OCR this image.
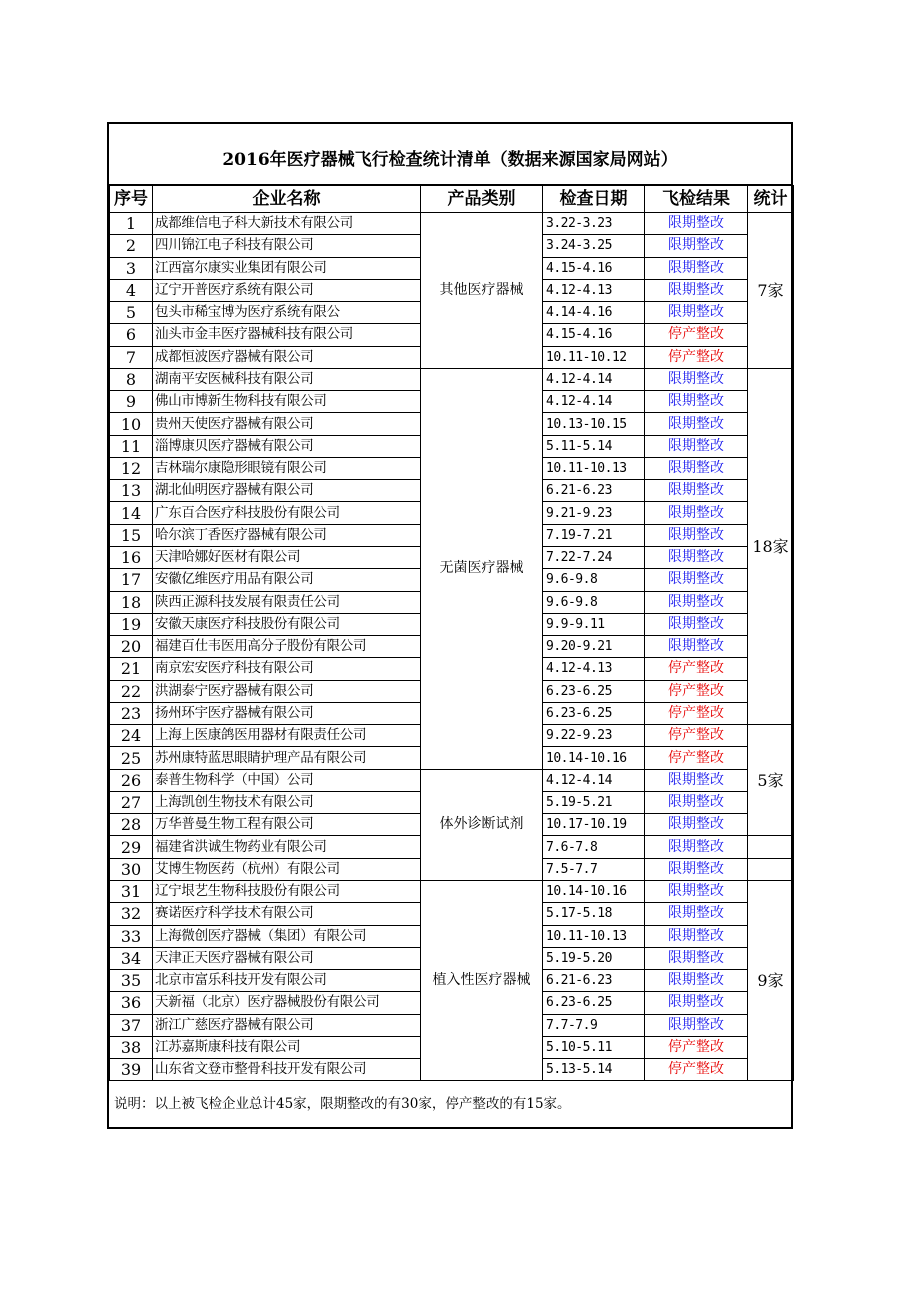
2016年医疗器械飞行检查统计清单（数据来源国家局网站）
序号	企业名称	产品类别	检查日期	飞检结果	统计
1	成都维信电子科大新技术有限公司	其他医疗器械	3.22-3.23	限期整改	7家
2	四川锦江电子科技有限公司		3.24-3.25	限期整改	
3	江西富尔康实业集团有限公司		4.15-4.16	限期整改	
4	辽宁开普医疗系统有限公司		4.12-4.13	限期整改	
5	包头市稀宝博为医疗系统有限公		4.14-4.16	限期整改	
6	汕头市金丰医疗器械科技有限公司		4.15-4.16	停产整改	
7	成都恒波医疗器械有限公司		10.11-10.12	停产整改	
8	湖南平安医械科技有限公司	无菌医疗器械	4.12-4.14	限期整改	18家
9	佛山市博新生物科技有限公司		4.12-4.14	限期整改	
10	贵州天使医疗器械有限公司		10.13-10.15	限期整改	
11	淄博康贝医疗器械有限公司		5.11-5.14	限期整改	
12	吉林瑞尔康隐形眼镜有限公司		10.11-10.13	限期整改	
13	湖北仙明医疗器械有限公司		6.21-6.23	限期整改	
14	广东百合医疗科技股份有限公司		9.21-9.23	限期整改	
15	哈尔滨丁香医疗器械有限公司		7.19-7.21	限期整改	
16	天津哈娜好医材有限公司		7.22-7.24	限期整改	
17	安徽亿维医疗用品有限公司		9.6-9.8	限期整改	
18	陕西正源科技发展有限责任公司		9.6-9.8	限期整改	
19	安徽天康医疗科技股份有限公司		9.9-9.11	限期整改	
20	福建百仕韦医用高分子股份有限公司		9.20-9.21	限期整改	
21	南京宏安医疗科技有限公司		4.12-4.13	停产整改	
22	洪湖泰宁医疗器械有限公司		6.23-6.25	停产整改	
23	扬州环宇医疗器械有限公司		6.23-6.25	停产整改	
24	上海上医康鸽医用器材有限责任公司		9.22-9.23	停产整改	5家
25	苏州康特蓝思眼睛护理产品有限公司		10.14-10.16	停产整改	
26	泰普生物科学（中国）公司	体外诊断试剂	4.12-4.14	限期整改	
27	上海凯创生物技术有限公司		5.19-5.21	限期整改	
28	万华普曼生物工程有限公司		10.17-10.19	限期整改	
29	福建省洪诚生物药业有限公司		7.6-7.8	限期整改	
30	艾博生物医药（杭州）有限公司		7.5-7.7	限期整改	
31	辽宁垠艺生物科技股份有限公司	植入性医疗器械	10.14-10.16	限期整改	9家
32	赛诺医疗科学技术有限公司		5.17-5.18	限期整改	
33	上海微创医疗器械（集团）有限公司		10.11-10.13	限期整改	
34	天津正天医疗器械有限公司		5.19-5.20	限期整改	
35	北京市富乐科技开发有限公司		6.21-6.23	限期整改	
36	天新福（北京）医疗器械股份有限公司		6.23-6.25	限期整改	
37	浙江广慈医疗器械有限公司		7.7-7.9	限期整改	
38	江苏嘉斯康科技有限公司		5.10-5.11	停产整改	
39	山东省文登市整骨科技开发有限公司		5.13-5.14	停产整改	
说明：以上被飞检企业总计45家，限期整改的有30家，停产整改的有15家。
